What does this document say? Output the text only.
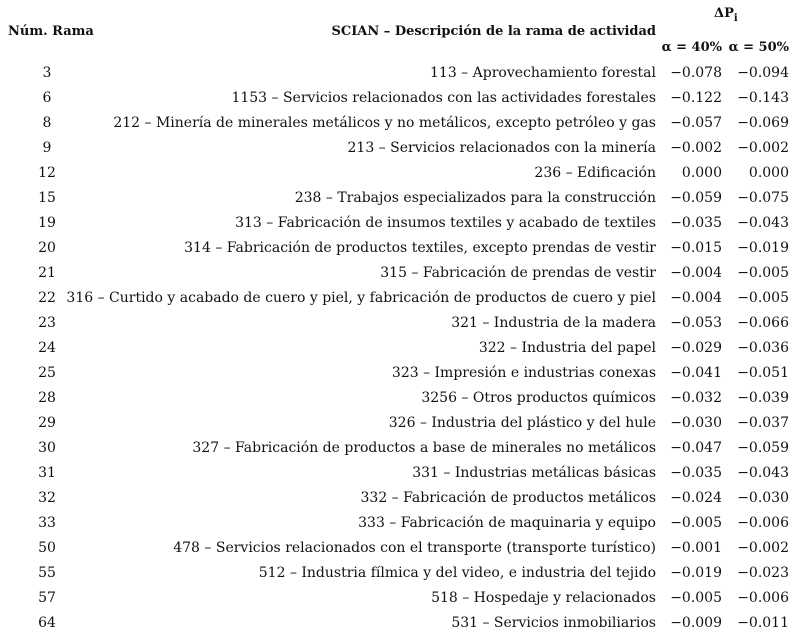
Núm. Rama	SCIAN – Descripción de la rama de actividad
$\Delta P_i$
α = 40% α = 50%
3	113 – Aprovechamiento forestal −0.078 −0.094
6	1153 – Servicios relacionados con las actividades forestales −0.122 −0.143
8	212 – Minería de minerales metálicos y no metálicos, excepto petróleo y gas −0.057 −0.069
9	213 – Servicios relacionados con la minería −0.002 −0.002
12	236 – Edificación 0.000 0.000
15	238 – Trabajos especializados para la construcción −0.059 −0.075
19	313 – Fabricación de insumos textiles y acabado de textiles −0.035 −0.043
20	314 – Fabricación de productos textiles, excepto prendas de vestir −0.015 −0.019
21	315 – Fabricación de prendas de vestir −0.004 −0.005
22 316 – Curtido y acabado de cuero y piel, y fabricación de productos de cuero y piel −0.004 −0.005
23	321 – Industria de la madera −0.053 −0.066
24	322 – Industria del papel −0.029 −0.036
25	323 – Impresión e industrias conexas −0.041 −0.051
28	3256 – Otros productos químicos −0.032 −0.039
29	326 – Industria del plástico y del hule −0.030 −0.037
30	327 – Fabricación de productos a base de minerales no metálicos −0.047 −0.059
31	331 – Industrias metálicas básicas −0.035 −0.043
32	332 – Fabricación de productos metálicos −0.024 −0.030
33	333 – Fabricación de maquinaria y equipo −0.005 −0.006
50	478 – Servicios relacionados con el transporte (transporte turístico) −0.001 −0.002
55	512 – Industria fílmica y del video, e industria del tejido −0.019 −0.023
57	518 – Hospedaje y relacionados −0.005 −0.006
64	531 – Servicios inmobiliarios −0.009 −0.011
